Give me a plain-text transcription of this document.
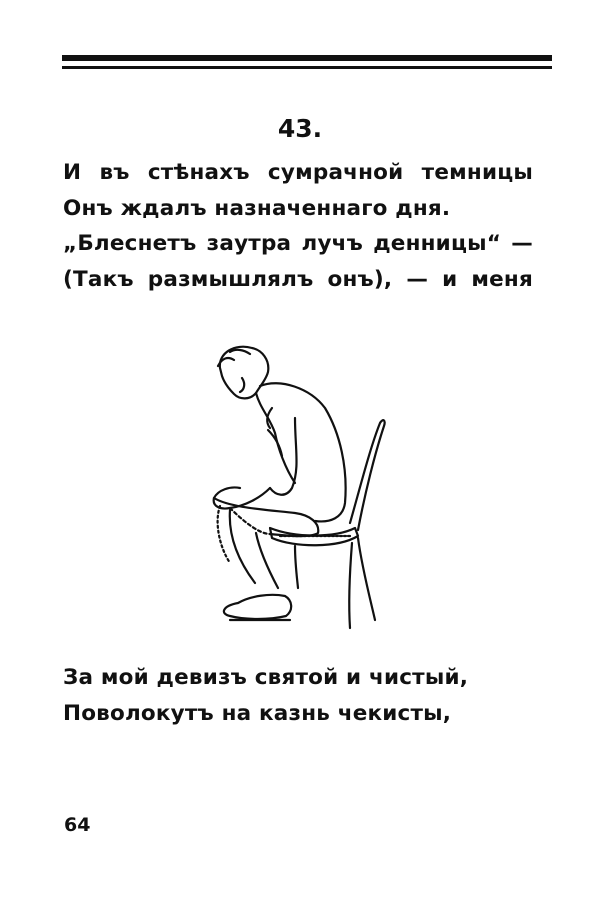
43.
И въ стѣнахъ сумрачной темницы
Онъ ждалъ назначеннаго дня.
„Блеснетъ заутра лучъ денницы“ —
(Такъ размышлялъ онъ), — и меня
За мой девизъ святой и чистый,
Поволокутъ на казнь чекисты,
64
